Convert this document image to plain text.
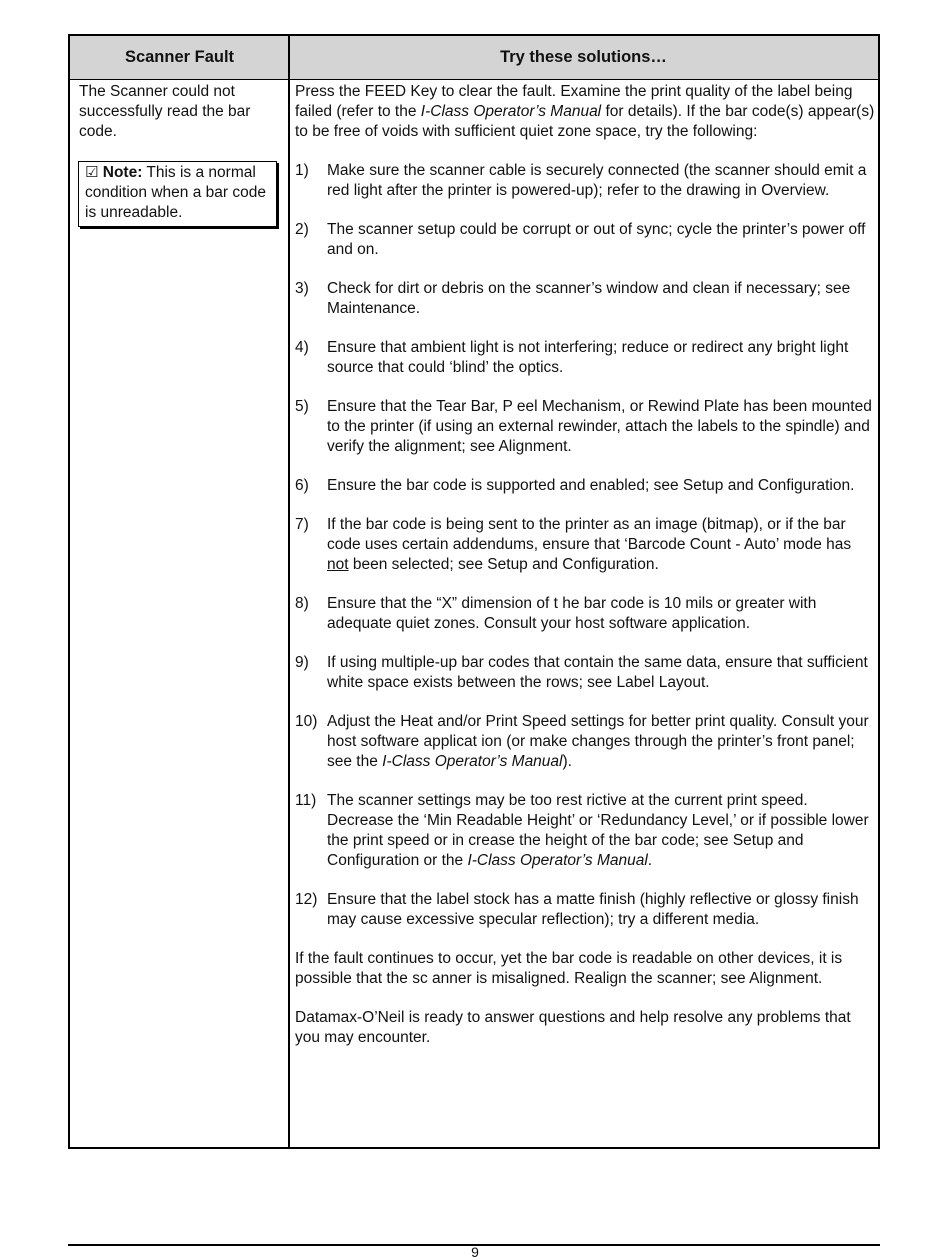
Scanner Fault	Try these solutions…

The Scanner could not successfully read the bar code.

☑ Note: This is a normal condition when a bar code is unreadable.

Press the FEED Key to clear the fault. Examine the print quality of the label being failed (refer to the I-Class Operator’s Manual for details). If the bar code(s) appear(s) to be free of voids with sufficient quiet zone space, try the following:

1) Make sure the scanner cable is securely connected (the scanner should emit a red light after the printer is powered-up); refer to the drawing in Overview.
2) The scanner setup could be corrupt or out of sync; cycle the printer’s power off and on.
3) Check for dirt or debris on the scanner’s window and clean if necessary; see Maintenance.
4) Ensure that ambient light is not interfering; reduce or redirect any bright light source that could ‘blind’ the optics.
5) Ensure that the Tear Bar, P eel Mechanism, or Rewind Plate has been mounted to the printer (if using an external rewinder, attach the labels to the spindle) and verify the alignment; see Alignment.
6) Ensure the bar code is supported and enabled; see Setup and Configuration.
7) If the bar code is being sent to the printer as an image (bitmap), or if the bar code uses certain addendums, ensure that ‘Barcode Count - Auto’ mode has not been selected; see Setup and Configuration.
8) Ensure that the “X” dimension of t he bar code is 10 mils or greater with adequate quiet zones. Consult your host software application.
9) If using multiple-up bar codes that contain the same data, ensure that sufficient white space exists between the rows; see Label Layout.
10) Adjust the Heat and/or Print Speed settings for better print quality. Consult your host software applicat ion (or make changes through the printer’s front panel; see the I-Class Operator’s Manual).
11) The scanner settings may be too rest rictive at the current print speed. Decrease the ‘Min Readable Height’ or ‘Redundancy Level,’ or if possible lower the print speed or in crease the height of the bar code; see Setup and Configuration or the I-Class Operator’s Manual.
12) Ensure that the label stock has a matte finish (highly reflective or glossy finish may cause excessive specular reflection); try a different media.

If the fault continues to occur, yet the bar code is readable on other devices, it is possible that the sc anner is misaligned. Realign the scanner; see Alignment.

Datamax-O’Neil is ready to answer questions and help resolve any problems that you may encounter.

9
